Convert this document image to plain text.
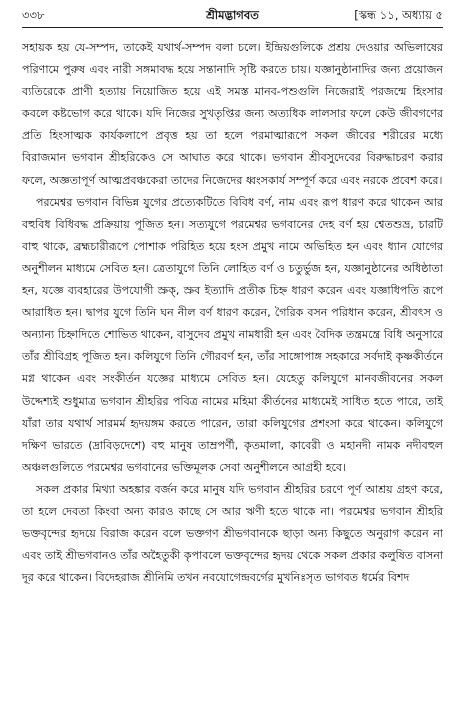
৩৩৮	শ্রীমদ্ভাগবত	[স্কন্ধ ১১, অধ্যায় ৫

সহায়ক হয় যে-সম্পদ, তাকেই যথার্থ-সম্পদ বলা চলে। ইন্দ্রিয়গুলিকে প্রশ্রয় দেওয়ার অভিলাষের পরিণামে পুরুষ এবং নারী সঙ্গমাবদ্ধ হয়ে সন্তানাদি সৃষ্টি করতে চায়। যজ্ঞানুষ্ঠানাদির জন্য প্রয়োজন ব্যতিরেকে প্রাণী হত্যায় নিয়োজিত হয়ে এই সমস্ত মানব-পশুগুলি নিজেরাই পরজন্মে হিংসার কবলে কষ্টভোগ করে থাকে। যদি নিজের সুখতৃপ্তির জন্য অত্যধিক লালসার ফলে কেউ জীবগণের প্রতি হিংসাত্মক কার্যকলাপে প্রবৃত্ত হয় তা হলে পরমাত্মারূপে সকল জীবের শরীরের মধ্যে বিরাজমান ভগবান শ্রীহরিকেও সে আঘাত করে থাকে। ভগবান শ্রীবসুদেবের বিরুদ্ধাচরণ করার ফলে, অজ্ঞতাপূর্ণ আত্মপ্রবঞ্চকেরা তাদের নিজেদের ধ্বংসকার্য সম্পূর্ণ করে এবং নরকে প্রবেশ করে।

পরমেশ্বর ভগবান বিভিন্ন যুগের প্রত্যেকটিতে বিবিধ বর্ণ, নাম এবং রূপ ধারণ করে থাকেন আর বহুবিধ বিধিবদ্ধ প্রক্রিয়ায় পূজিত হন। সত্যযুগে পরমেশ্বর ভগবানের দেহ বর্ণ হয় শ্বেতশুভ্র, চারটি বাহু থাকে, ব্রহ্মচারীরূপে পোশাক পরিহিত হয়ে হংস প্রমুখ নামে অভিহিত হন এবং ধ্যান যোগের অনুশীলন মাধ্যমে সেবিত হন। ত্রেতাযুগে তিনি লোহিত বর্ণ ও চতুর্ভুজ হন, যজ্ঞানুষ্ঠানের অধিষ্ঠাতা হন, যজ্ঞে ব্যবহারের উপযোগী স্রুক্, স্রুব ইত্যাদি প্রতীক চিহ্ন ধারণ করেন এবং যজ্ঞাধিপতি রূপে আরাধিত হন। দ্বাপর যুগে তিনি ঘন নীল বর্ণ ধারণ করেন, গৈরিক বসন পরিধান করেন, শ্রীবৎস ও অন্যান্য চিহ্নাদিতে শোভিত থাকেন, বাসুদেব প্রমুখ নামধারী হন এবং বৈদিক তন্ত্রমন্ত্রে বিধি অনুসারে তাঁর শ্রীবিগ্রহ পূজিত হন। কলিযুগে তিনি গৌরবর্ণ হন, তাঁর সাঙ্গোপাঙ্গ সহকারে সর্বদাই কৃষ্ণকীর্তনে মগ্ন থাকেন এবং সংকীর্তন যজ্ঞের মাধ্যমে সেবিত হন। যেহেতু কলিযুগে মানবজীবনের সকল উদ্দেশ্যই শুধুমাত্র ভগবান শ্রীহরির পবিত্র নামের মহিমা কীর্তনের মাধ্যমেই সাধিত হতে পারে, তাই যাঁরা তার যথার্থ সারমর্ম হৃদয়ঙ্গম করতে পারেন, তারা কলিযুগের প্রশংসা করে থাকেন। কলিযুগে দক্ষিণ ভারতে (দ্রাবিড়দেশে) বহু মানুষ তাম্রপর্ণী, কৃতমালা, কাবেরী ও মহানদী নামক নদীবহুল অঞ্চলগুলিতে পরমেশ্বর ভগবানের ভক্তিমূলক সেবা অনুশীলনে আগ্রহী হবে।

সকল প্রকার মিথ্যা অহঙ্কার বর্জন করে মানুষ যদি ভগবান শ্রীহরির চরণে পূর্ণ আশ্রয় গ্রহণ করে, তা হলে দেবতা কিংবা অন্য কারও কাছে সে আর ঋণী হতে থাকে না। পরমেশ্বর ভগবান শ্রীহরি ভক্তবৃন্দের হৃদয়ে বিরাজ করেন বলে ভক্তগণ শ্রীভগবানকে ছাড়া অন্য কিছুতে অনুরাগ করেন না এবং তাই শ্রীভগবানও তাঁর অহৈতুকী কৃপাবলে ভক্তবৃন্দের হৃদয় থেকে সকল প্রকার কলুষিত বাসনা দূর করে থাকেন। বিদেহরাজ শ্রীনিমি তখন নবযোগেন্দ্রবর্গের মুখনিঃসৃত ভাগবত ধর্মের বিশদ
